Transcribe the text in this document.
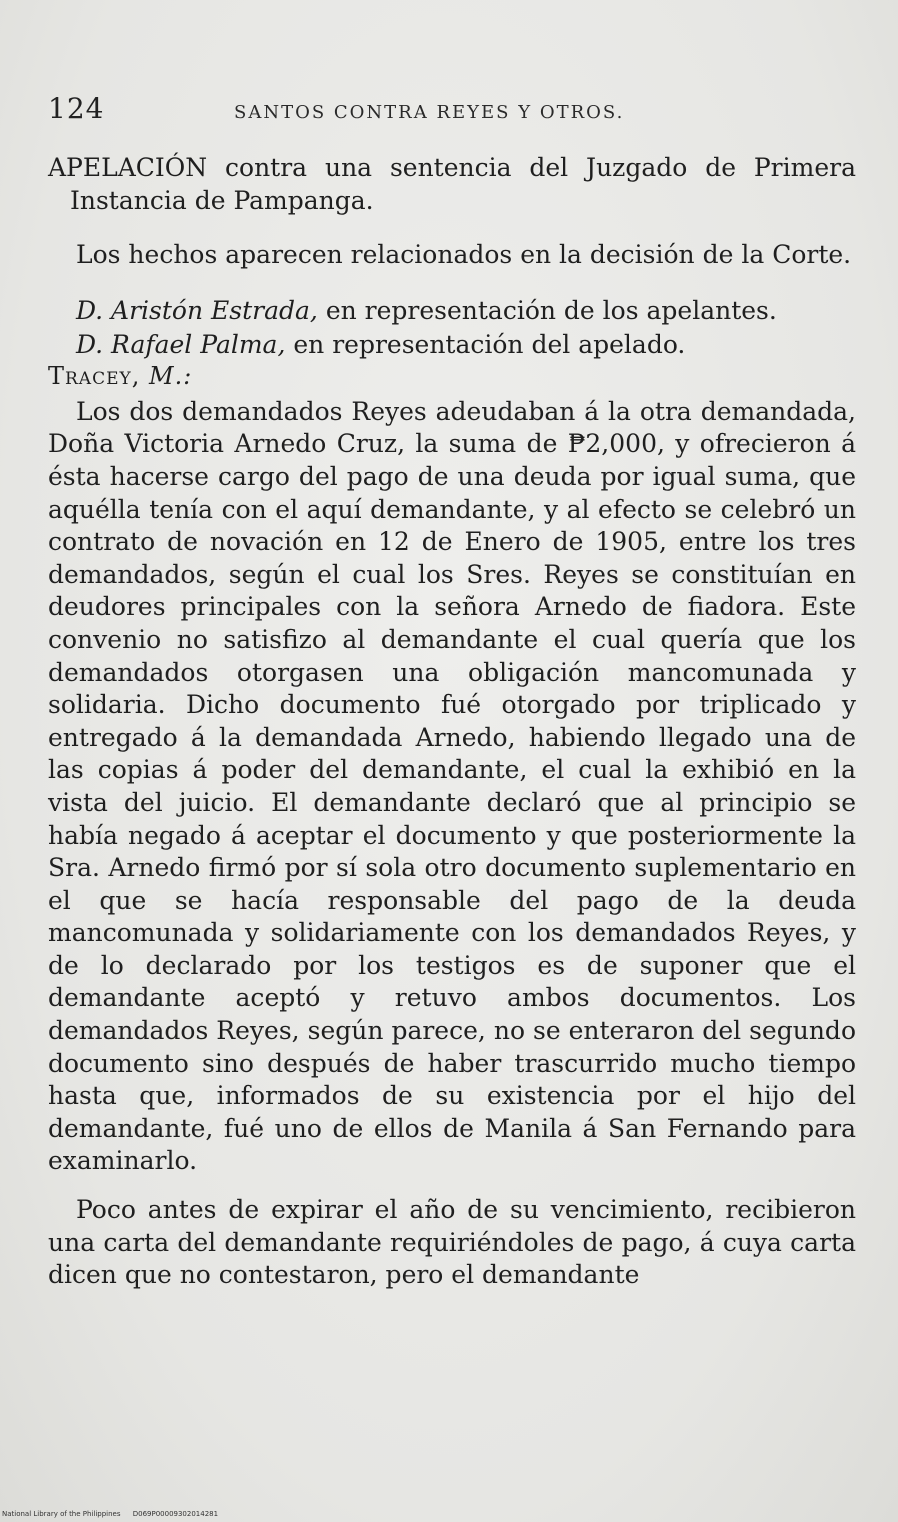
124	SANTOS CONTRA REYES Y OTROS.

APELACIÓN contra una sentencia del Juzgado de Primera Instancia de Pampanga.

Los hechos aparecen relacionados en la decisión de la Corte.

D. Aristón Estrada, en representación de los apelantes.

D. Rafael Palma, en representación del apelado.

Tracey, M.:

Los dos demandados Reyes adeudaban á la otra demandada, Doña Victoria Arnedo Cruz, la suma de ₱2,000, y ofrecieron á ésta hacerse cargo del pago de una deuda por igual suma, que aquélla tenía con el aquí demandante, y al efecto se celebró un contrato de novación en 12 de Enero de 1905, entre los tres demandados, según el cual los Sres. Reyes se constituían en deudores principales con la señora Arnedo de fiadora. Este convenio no satisfizo al demandante el cual quería que los demandados otorgasen una obligación mancomunada y solidaria. Dicho documento fué otorgado por triplicado y entregado á la demandada Arnedo, habiendo llegado una de las copias á poder del demandante, el cual la exhibió en la vista del juicio. El demandante declaró que al principio se había negado á aceptar el documento y que posteriormente la Sra. Arnedo firmó por sí sola otro documento suplementario en el que se hacía responsable del pago de la deuda mancomunada y solidariamente con los demandados Reyes, y de lo declarado por los testigos es de suponer que el demandante aceptó y retuvo ambos documentos. Los demandados Reyes, según parece, no se enteraron del segundo documento sino después de haber trascurrido mucho tiempo hasta que, informados de su existencia por el hijo del demandante, fué uno de ellos de Manila á San Fernando para examinarlo.

Poco antes de expirar el año de su vencimiento, recibieron una carta del demandante requiriéndoles de pago, á cuya carta dicen que no contestaron, pero el demandante

National Library of the Philippines D069P00009302014281
